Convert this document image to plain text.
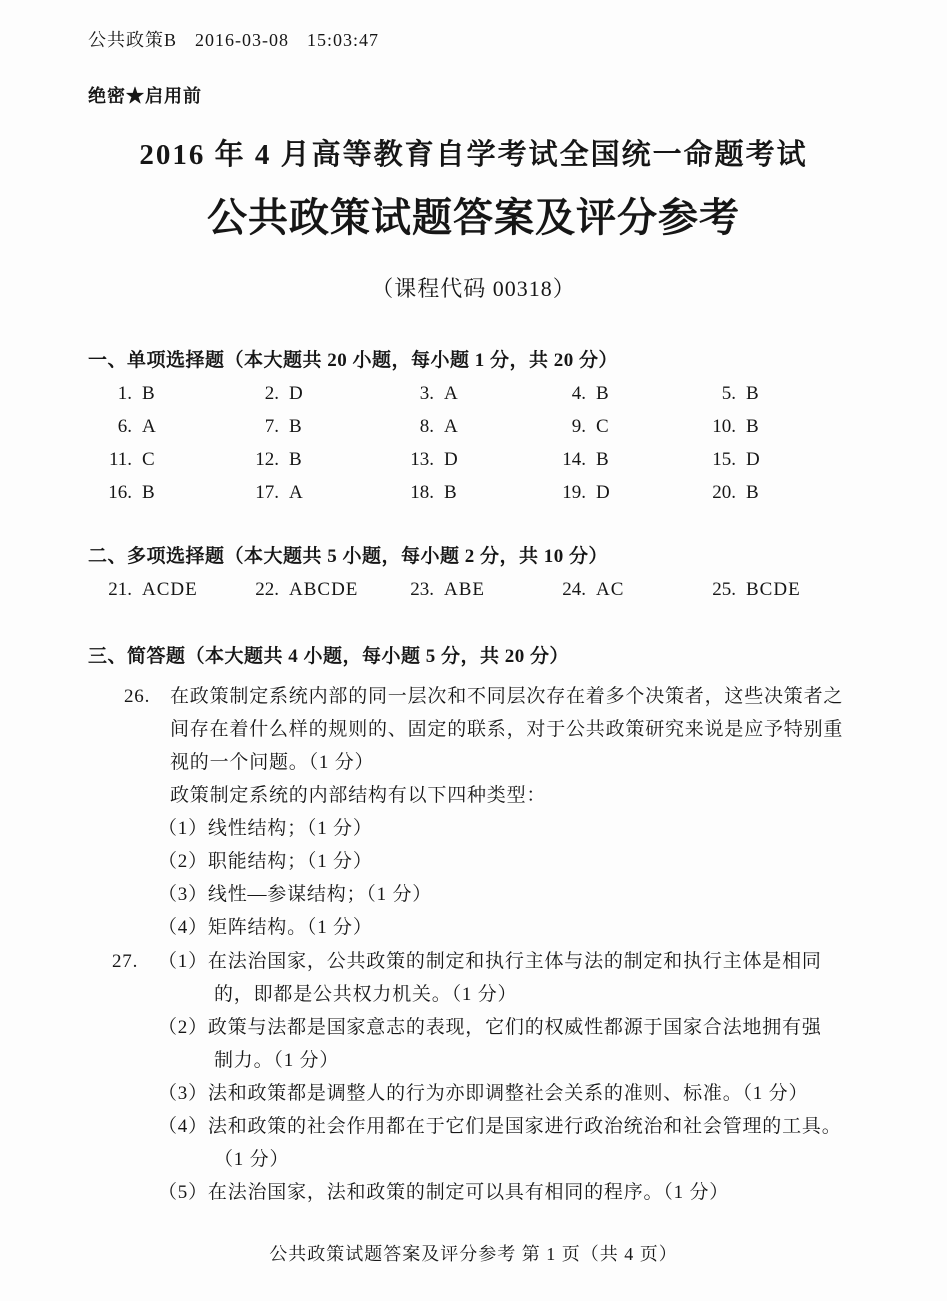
公共政策B 2016-03-08 15:03:47
绝密★启用前
2016 年 4 月高等教育自学考试全国统一命题考试
公共政策试题答案及评分参考
（课程代码 00318）
一、单项选择题（本大题共 20 小题，每小题 1 分，共 20 分）
1. B	2. D	3. A	4. B	5. B
6. A	7. B	8. A	9. C	10. B
11. C	12. B	13. D	14. B	15. D
16. B	17. A	18. B	19. D	20. B
二、多项选择题（本大题共 5 小题，每小题 2 分，共 10 分）
21. ACDE	22. ABCDE	23. ABE	24. AC	25. BCDE
三、简答题（本大题共 4 小题，每小题 5 分，共 20 分）
26. 在政策制定系统内部的同一层次和不同层次存在着多个决策者，这些决策者之
间存在着什么样的规则的、固定的联系，对于公共政策研究来说是应予特别重
视的一个问题。（1 分）
政策制定系统的内部结构有以下四种类型：
（1）线性结构；（1 分）
（2）职能结构；（1 分）
（3）线性—参谋结构；（1 分）
（4）矩阵结构。（1 分）
27. （1）在法治国家，公共政策的制定和执行主体与法的制定和执行主体是相同
的，即都是公共权力机关。（1 分）
（2）政策与法都是国家意志的表现，它们的权威性都源于国家合法地拥有强
制力。（1 分）
（3）法和政策都是调整人的行为亦即调整社会关系的准则、标准。（1 分）
（4）法和政策的社会作用都在于它们是国家进行政治统治和社会管理的工具。
（1 分）
（5）在法治国家，法和政策的制定可以具有相同的程序。（1 分）
公共政策试题答案及评分参考 第 1 页（共 4 页）
